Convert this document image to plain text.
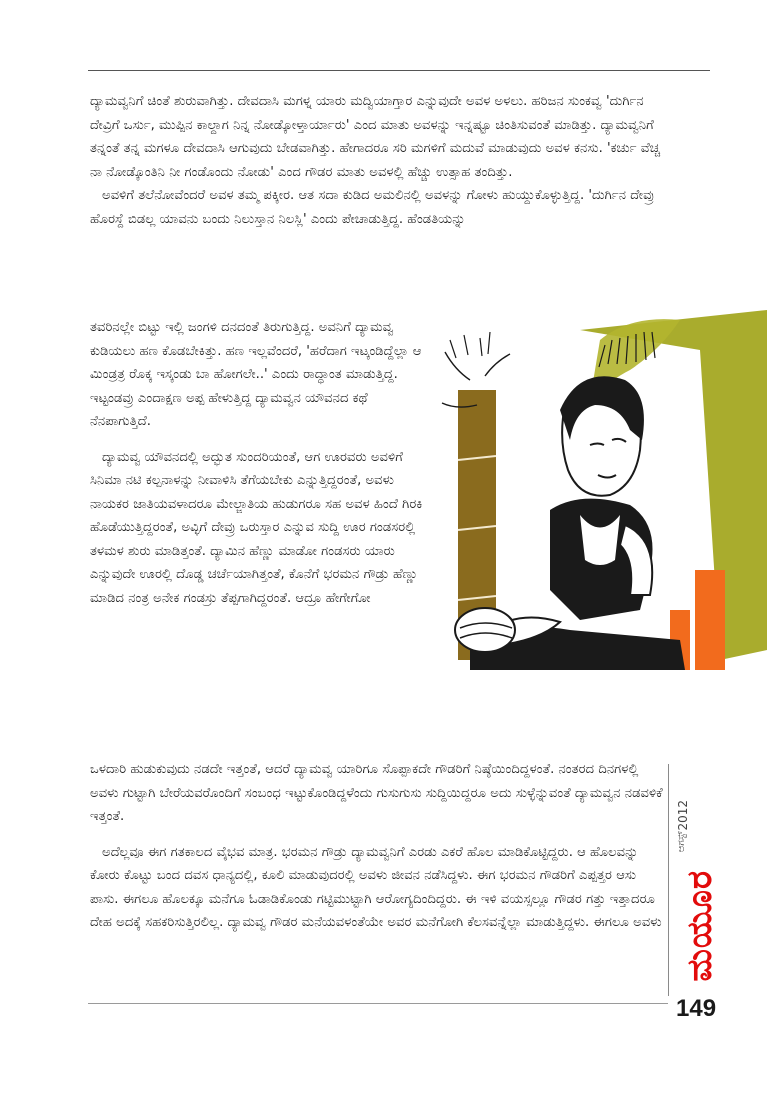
ದ್ಯಾಮವ್ವನಿಗೆ ಚಿಂತೆ ಶುರುವಾಗಿತ್ತು. ದೇವದಾಸಿ ಮಗಳ್ನ ಯಾರು ಮದ್ವಿಯಾಗ್ತಾರ ಎನ್ನುವುದೇ ಅವಳ ಅಳಲು. ಹರಿಜನ ಸುಂಕವ್ವ 'ದುರ್ಗಿನ ದೇವ್ರಿಗೆ ಒರ್ಸು, ಮುಪ್ಪಿನ ಕಾಲ್ದಾಗ ನಿನ್ನ ನೋಡ್ಕೋಳ್ತಾರ್ಯಾರು' ಎಂದ ಮಾತು ಅವಳನ್ನು ಇನ್ನಷ್ಟೂ ಚಿಂತಿಸುವಂತೆ ಮಾಡಿತ್ತು. ದ್ಯಾಮವ್ವನಿಗೆ ತನ್ನಂತೆ ತನ್ನ ಮಗಳೂ ದೇವದಾಸಿ ಆಗುವುದು ಬೇಡವಾಗಿತ್ತು. ಹೇಗಾದರೂ ಸರಿ ಮಗಳಿಗೆ ಮದುವೆ ಮಾಡುವುದು ಅವಳ ಕನಸು. 'ಕರ್ಚು ವೆಚ್ಚ ನಾ ನೋಡ್ಕೊಂತಿನಿ ನೀ ಗಂಡೊಂದು ನೋಡು' ಎಂದ ಗೌಡರ ಮಾತು ಅವಳಲ್ಲಿ ಹೆಚ್ಚು ಉತ್ಸಾಹ ತಂದಿತ್ತು.

ಅವಳಿಗೆ ತಲೆನೋವೆಂದರೆ ಅವಳ ತಮ್ಮ ಪಕ್ಕೀರ. ಆತ ಸದಾ ಕುಡಿದ ಅಮಲಿನಲ್ಲಿ ಅವಳನ್ನು ಗೋಳು ಹುಯ್ದುಕೊಳ್ಳುತ್ತಿದ್ದ. 'ದುರ್ಗಿನ ದೇವ್ರು ಹೊರಸ್ದೆ ಬಿಡಲ್ಲ ಯಾವನು ಬಂದು ನಿಲುಸ್ತಾನ ನಿಲಸ್ಲಿ' ಎಂದು ಪೇಚಾಡುತ್ತಿದ್ದ. ಹೆಂಡತಿಯನ್ನು

ತವರಿನಲ್ಲೇ ಬಿಟ್ಟು ಇಲ್ಲಿ ಜಂಗಳಿ ದನದಂತೆ ತಿರುಗುತ್ತಿದ್ದ. ಅವನಿಗೆ ದ್ಯಾಮವ್ವ ಕುಡಿಯಲು ಹಣ ಕೊಡಬೇಕಿತ್ತು. ಹಣ ಇಲ್ಲವೆಂದರೆ, 'ಹರೆದಾಗ ಇಟ್ಕಂಡಿದ್ದೆಲ್ಲಾ ಆ ಮಿಂಡ್ರತ್ರ ರೊಕ್ಕ ಇಸ್ಕಂಡು ಬಾ ಹೋಗಲೇ..' ಎಂದು ರಾದ್ಧಾಂತ ಮಾಡುತ್ತಿದ್ದ. ಇಟ್ಟಂಡವ್ರು ಎಂದಾಕ್ಷಣ ಅಪ್ಪ ಹೇಳುತ್ತಿದ್ದ ದ್ಯಾಮವ್ವನ ಯೌವನದ ಕಥೆ ನೆನಪಾಗುತ್ತಿದೆ.

ದ್ಯಾಮವ್ವ ಯೌವನದಲ್ಲಿ ಅದ್ಭುತ ಸುಂದರಿಯಂತೆ, ಆಗ ಊರವರು ಅವಳಿಗೆ ಸಿನಿಮಾ ನಟಿ ಕಲ್ಪನಾಳನ್ನು ನೀವಾಳಿಸಿ ತೆಗೆಯಬೇಕು ಎನ್ನುತ್ತಿದ್ದರಂತೆ, ಅವಳು ನಾಯಕರ ಜಾತಿಯವಳಾದರೂ ಮೇಲ್ಜಾತಿಯ ಹುಡುಗರೂ ಸಹ ಅವಳ ಹಿಂದೆ ಗಿರಕಿ ಹೊಡೆಯುತ್ತಿದ್ದರಂತೆ, ಅವ್ಳಿಗೆ ದೇವ್ರು ಒರುಸ್ತಾರ ಎನ್ನುವ ಸುದ್ದಿ ಊರ ಗಂಡಸರಲ್ಲಿ ತಳಮಳ ಶುರು ಮಾಡಿತ್ತಂತೆ. ದ್ಯಾಮಿನ ಹೆಣ್ಣು ಮಾಡೋ ಗಂಡಸರು ಯಾರು ಎನ್ನುವುದೇ ಊರಲ್ಲಿ ದೊಡ್ಡ ಚರ್ಚೆಯಾಗಿತ್ತಂತೆ, ಕೊನೆಗೆ ಭರಮನ ಗೌಡ್ರು ಹೆಣ್ಣು ಮಾಡಿದ ನಂತ್ರ ಅನೇಕ ಗಂಡಸ್ರು ತೆಪ್ಪಗಾಗಿದ್ದರಂತೆ. ಆದ್ರೂ ಹೇಗೇಗೋ

ಒಳದಾರಿ ಹುಡುಕುವುದು ನಡದೇ ಇತ್ತಂತೆ, ಆದರೆ ದ್ಯಾಮವ್ವ ಯಾರಿಗೂ ಸೊಪ್ಪಾಕದೇ ಗೌಡರಿಗೆ ನಿಷ್ಠೆಯಿಂದಿದ್ದಳಂತೆ. ನಂತರದ ದಿನಗಳಲ್ಲಿ ಅವಳು ಗುಟ್ಟಾಗಿ ಬೇರೆಯವರೊಂದಿಗೆ ಸಂಬಂಧ ಇಟ್ಟುಕೊಂಡಿದ್ದಳೆಂದು ಗುಸುಗುಸು ಸುದ್ದಿಯಿದ್ದರೂ ಅದು ಸುಳ್ಳೆನ್ನುವಂತೆ ದ್ಯಾಮವ್ವನ ನಡವಳಿಕೆ ಇತ್ತಂತೆ.

ಅದೆಲ್ಲವೂ ಈಗ ಗತಕಾಲದ ವೈಭವ ಮಾತ್ರ. ಭರಮನ ಗೌಡ್ರು ದ್ಯಾಮವ್ವನಿಗೆ ಎರಡು ಎಕರೆ ಹೊಲ ಮಾಡಿಕೊಟ್ಟಿದ್ದರು. ಆ ಹೊಲವನ್ನು ಕೋರು ಕೊಟ್ಟು ಬಂದ ದವಸ ಧಾನ್ಯದಲ್ಲಿ, ಕೂಲಿ ಮಾಡುವುದರಲ್ಲಿ ಅವಳು ಜೀವನ ನಡೆಸಿದ್ದಳು. ಈಗ ಭರಮನ ಗೌಡರಿಗೆ ಎಪ್ಪತ್ತರ ಆಸು ಪಾಸು. ಈಗಲೂ ಹೊಲಕ್ಕೂ ಮನೆಗೂ ಓಡಾಡಿಕೊಂಡು ಗಟ್ಟಿಮುಟ್ಟಾಗಿ ಆರೋಗ್ಯದಿಂದಿದ್ದರು. ಈ ಇಳಿ ವಯಸ್ಸಲ್ಲೂ ಗೌಡರ ಗತ್ತು ಇತ್ತಾದರೂ ದೇಹ ಅದಕ್ಕೆ ಸಹಕರಿಸುತ್ತಿರಲಿಲ್ಲ. ದ್ಯಾಮವ್ವ ಗೌಡರ ಮನೆಯವಳಂತೆಯೇ ಅವರ ಮನೆಗೋಗಿ ಕೆಲಸವನ್ನೆಲ್ಲಾ ಮಾಡುತ್ತಿದ್ದಳು. ಈಗಲೂ ಅವಳು

2012
ಆಗಸ್ಟ್
ಮಯೂರ
149
